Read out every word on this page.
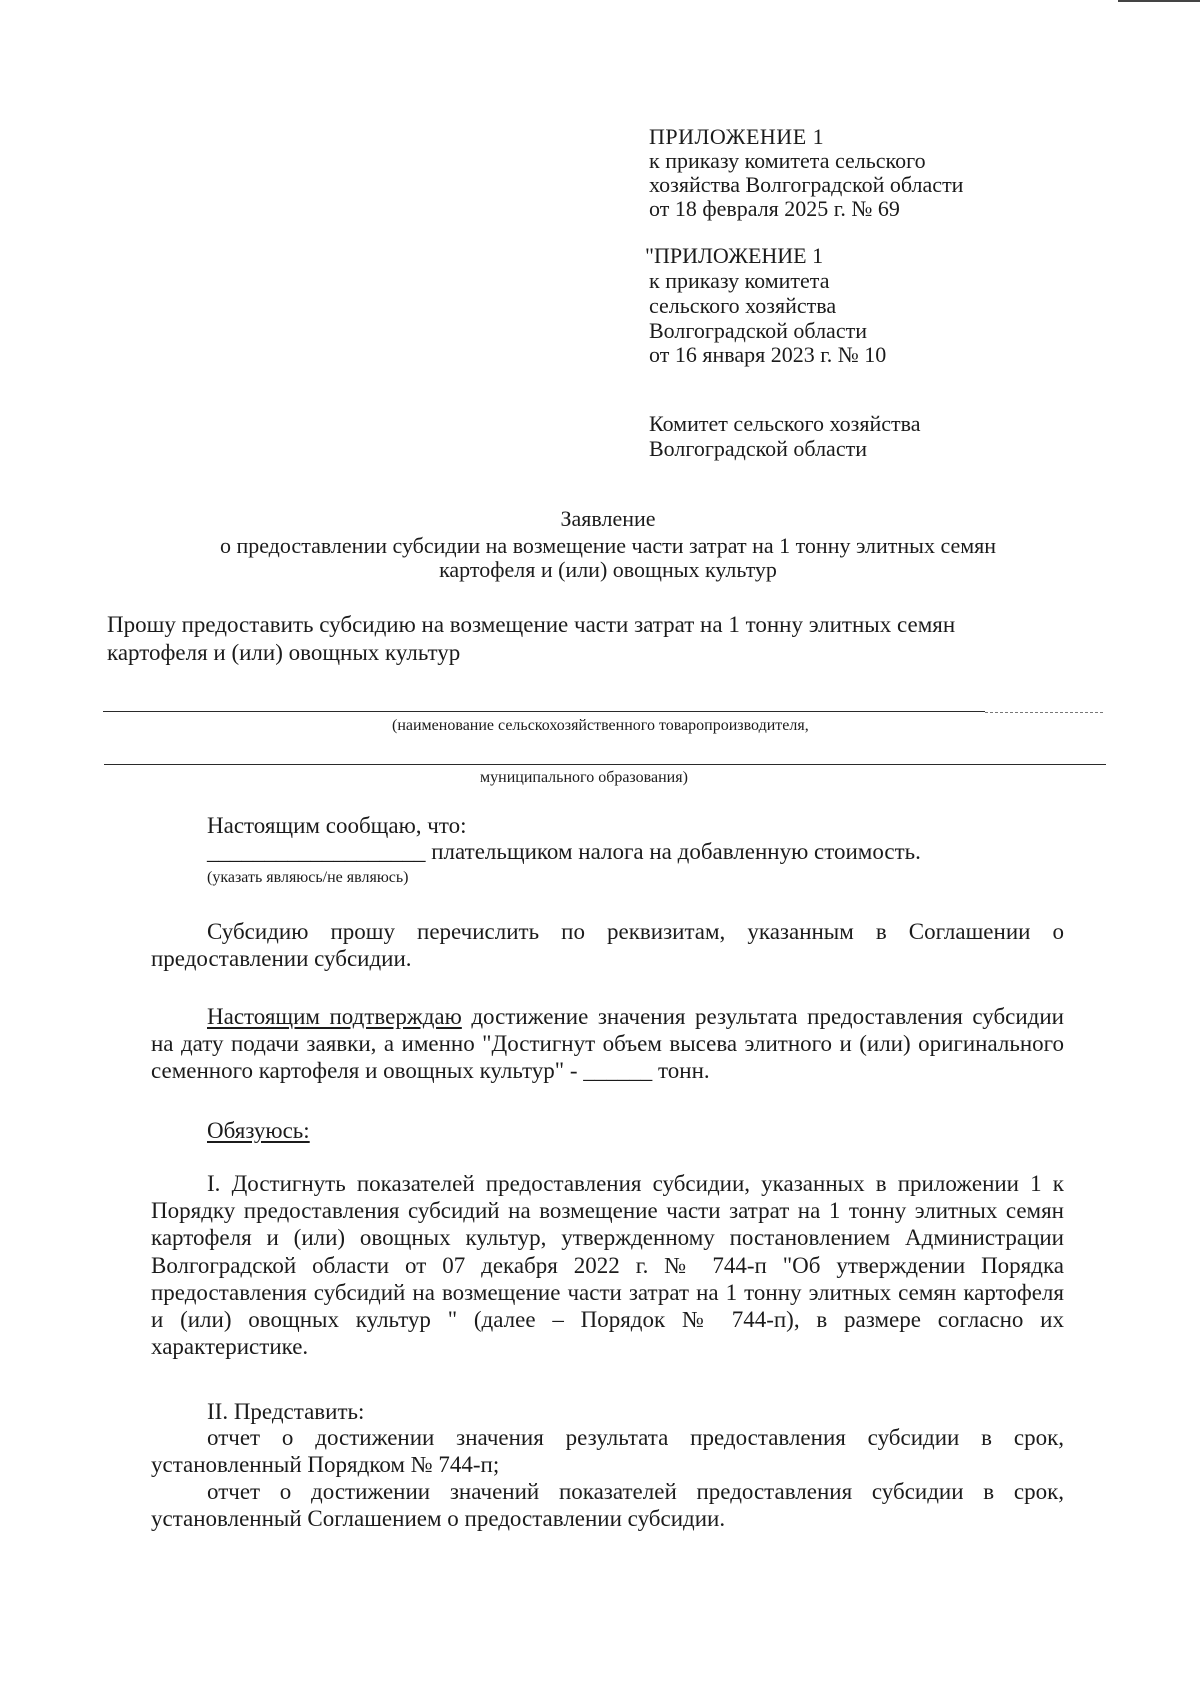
ПРИЛОЖЕНИЕ 1
к приказу комитета сельского
хозяйства Волгоградской области
от 18 февраля 2025 г. № 69
"ПРИЛОЖЕНИЕ 1
к приказу комитета
сельского хозяйства
Волгоградской области
от 16 января 2023 г. № 10
Комитет сельского хозяйства
Волгоградской области
Заявление
о предоставлении субсидии на возмещение части затрат на 1 тонну элитных семян
картофеля и (или) овощных культур
Прошу предоставить субсидию на возмещение части затрат на 1 тонну элитных семян
картофеля и (или) овощных культур
(наименование сельскохозяйственного товаропроизводителя,
муниципального образования)
Настоящим сообщаю, что:
___________________ плательщиком налога на добавленную стоимость.
(указать являюсь/не являюсь)

Субсидию прошу перечислить по реквизитам, указанным в Соглашении о предоставлении субсидии.

Настоящим подтверждаю достижение значения результата предоставления субсидии на дату подачи заявки, а именно "Достигнут объем высева элитного и (или) оригинального семенного картофеля и овощных культур" - ______ тонн.

Обязуюсь:

I. Достигнуть показателей предоставления субсидии, указанных в приложении 1 к Порядку предоставления субсидий на возмещение части затрат на 1 тонну элитных семян картофеля и (или) овощных культур, утвержденному постановлением Администрации Волгоградской области от 07 декабря 2022 г. № 744-п "Об утверждении Порядка предоставления субсидий на возмещение части затрат на 1 тонну элитных семян картофеля и (или) овощных культур " (далее – Порядок № 744-п), в размере согласно их характеристике.

II. Представить:

отчет о достижении значения результата предоставления субсидии в срок, установленный Порядком № 744-п;

отчет о достижении значений показателей предоставления субсидии в срок, установленный Соглашением о предоставлении субсидии.
